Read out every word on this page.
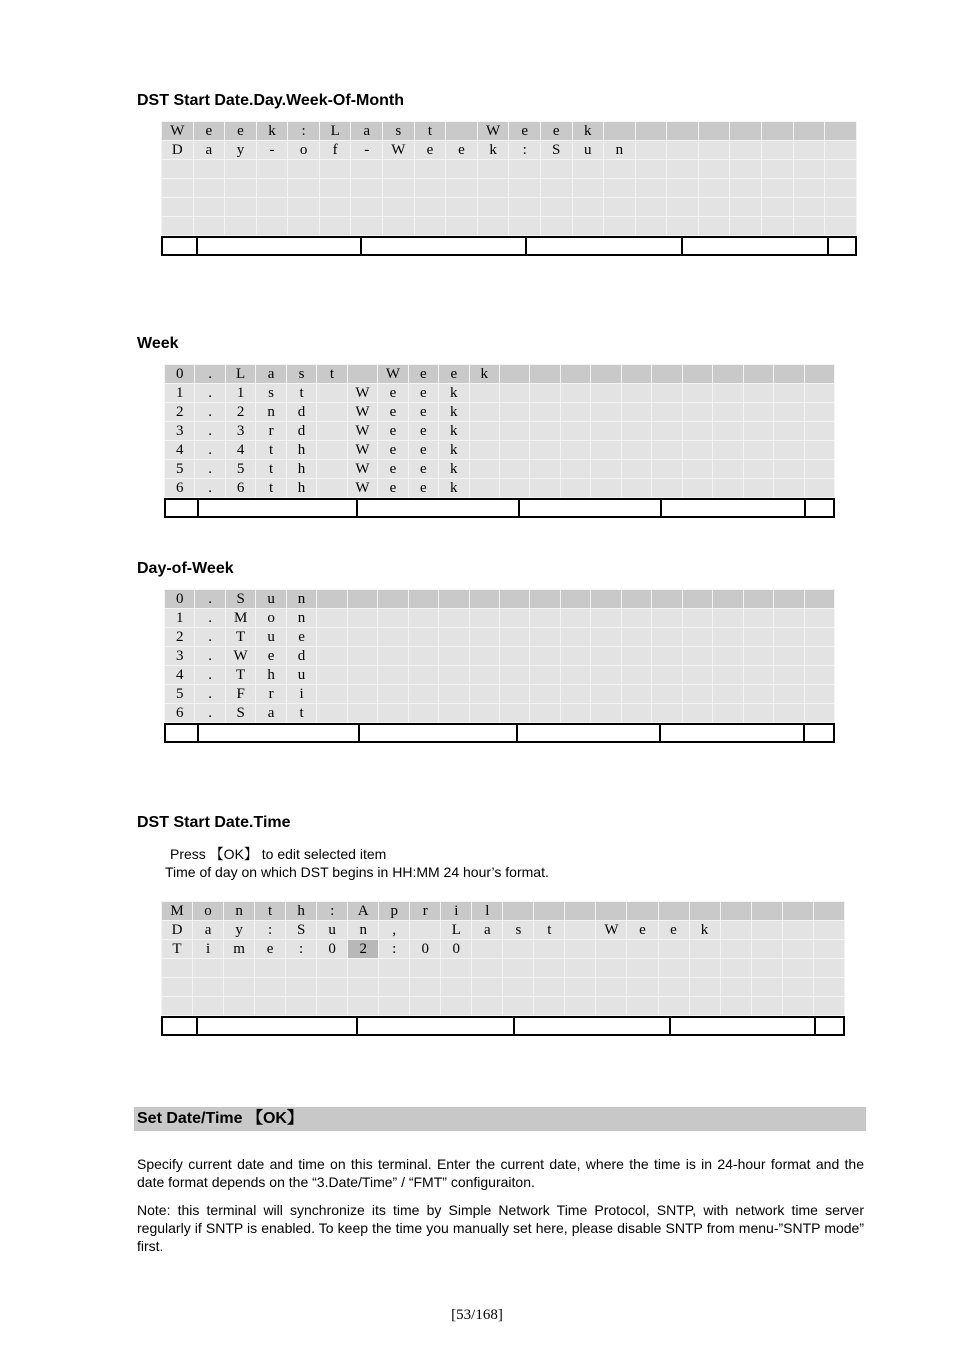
DST Start Date.Day.Week-Of-Month
W	e	e	k	:	L	a	s	t		W	e	e	k								
D	a	y	-	o	f	-	W	e	e	k	:	S	u	n							

Week
0	.	L	a	s	t		W	e	e	k											
1	.	1	s	t		W	e	e	k												
2	.	2	n	d		W	e	e	k												
3	.	3	r	d		W	e	e	k												
4	.	4	t	h		W	e	e	k												
5	.	5	t	h		W	e	e	k												
6	.	6	t	h		W	e	e	k												
Day-of-Week
0	.	S	u	n																	
1	.	M	o	n																	
2	.	T	u	e																	
3	.	W	e	d																	
4	.	T	h	u																	
5	.	F	r	i																	
6	.	S	a	t																	
DST Start Date.Time

Press 【OK】 to edit selected item

Time of day on which DST begins in HH:MM 24 hour’s format.

M	o	n	t	h	:	A	p	r	i	l											
D	a	y	:	S	u	n	,		L	a	s	t		W	e	e	k				
T	i	m	e	:	0	2	:	0	0												

Set Date/Time 【OK】

Specify current date and time on this terminal. Enter the current date, where the time is in 24-hour format and the date format depends on the “3.Date/Time” / “FMT” configuraiton.

Note: this terminal will synchronize its time by Simple Network Time Protocol, SNTP, with network time server regularly if SNTP is enabled. To keep the time you manually set here, please disable SNTP from menu-”SNTP mode” first.

[53/168]
